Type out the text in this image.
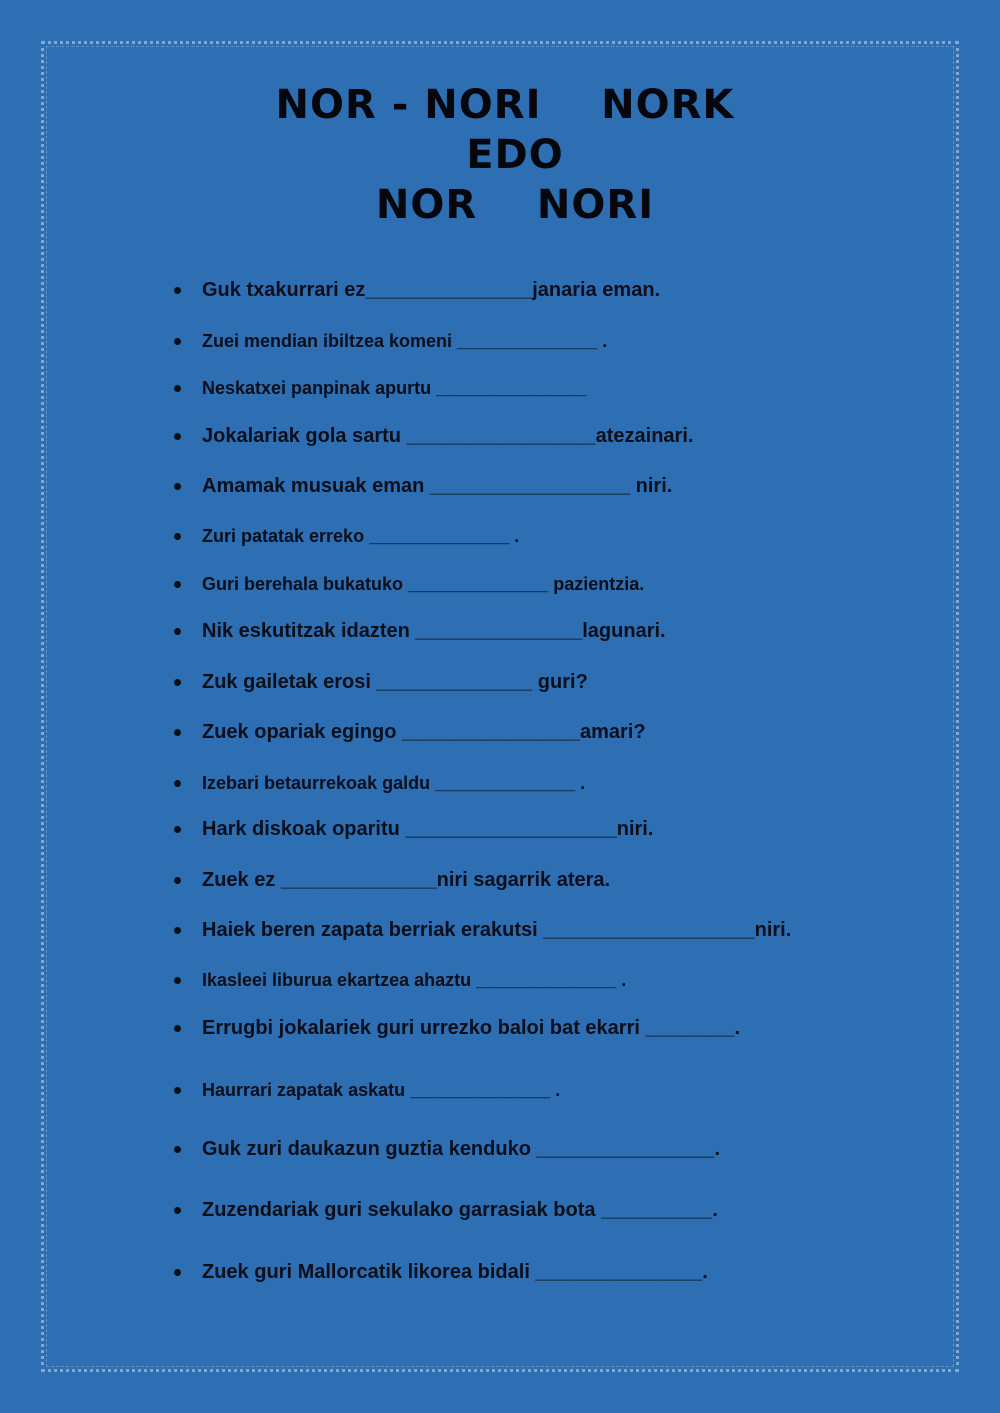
NOR - NORI    NORK
EDO
NOR    NORI
Guk txakurrari ez_______________janaria eman.
Zuei mendian ibiltzea komeni ______________ .
Neskatxei panpinak apurtu _______________
Jokalariak gola sartu _________________atezainari.
Amamak musuak eman __________________ niri.
Zuri patatak erreko ______________ .
Guri berehala bukatuko ______________ pazientzia.
Nik eskutitzak idazten _______________lagunari.
Zuk gailetak erosi ______________ guri?
Zuek opariak egingo ________________amari?
Izebari betaurrekoak galdu ______________ .
Hark diskoak oparitu ___________________niri.
Zuek ez ______________niri sagarrik atera.
Haiek beren zapata berriak erakutsi ___________________niri.
Ikasleei liburua ekartzea ahaztu ______________ .
Errugbi jokalariek guri urrezko baloi bat ekarri ________.
Haurrari zapatak askatu ______________ .
Guk zuri daukazun guztia kenduko ________________.
Zuzendariak guri sekulako garrasiak bota __________.
Zuek guri Mallorcatik likorea bidali _______________.
